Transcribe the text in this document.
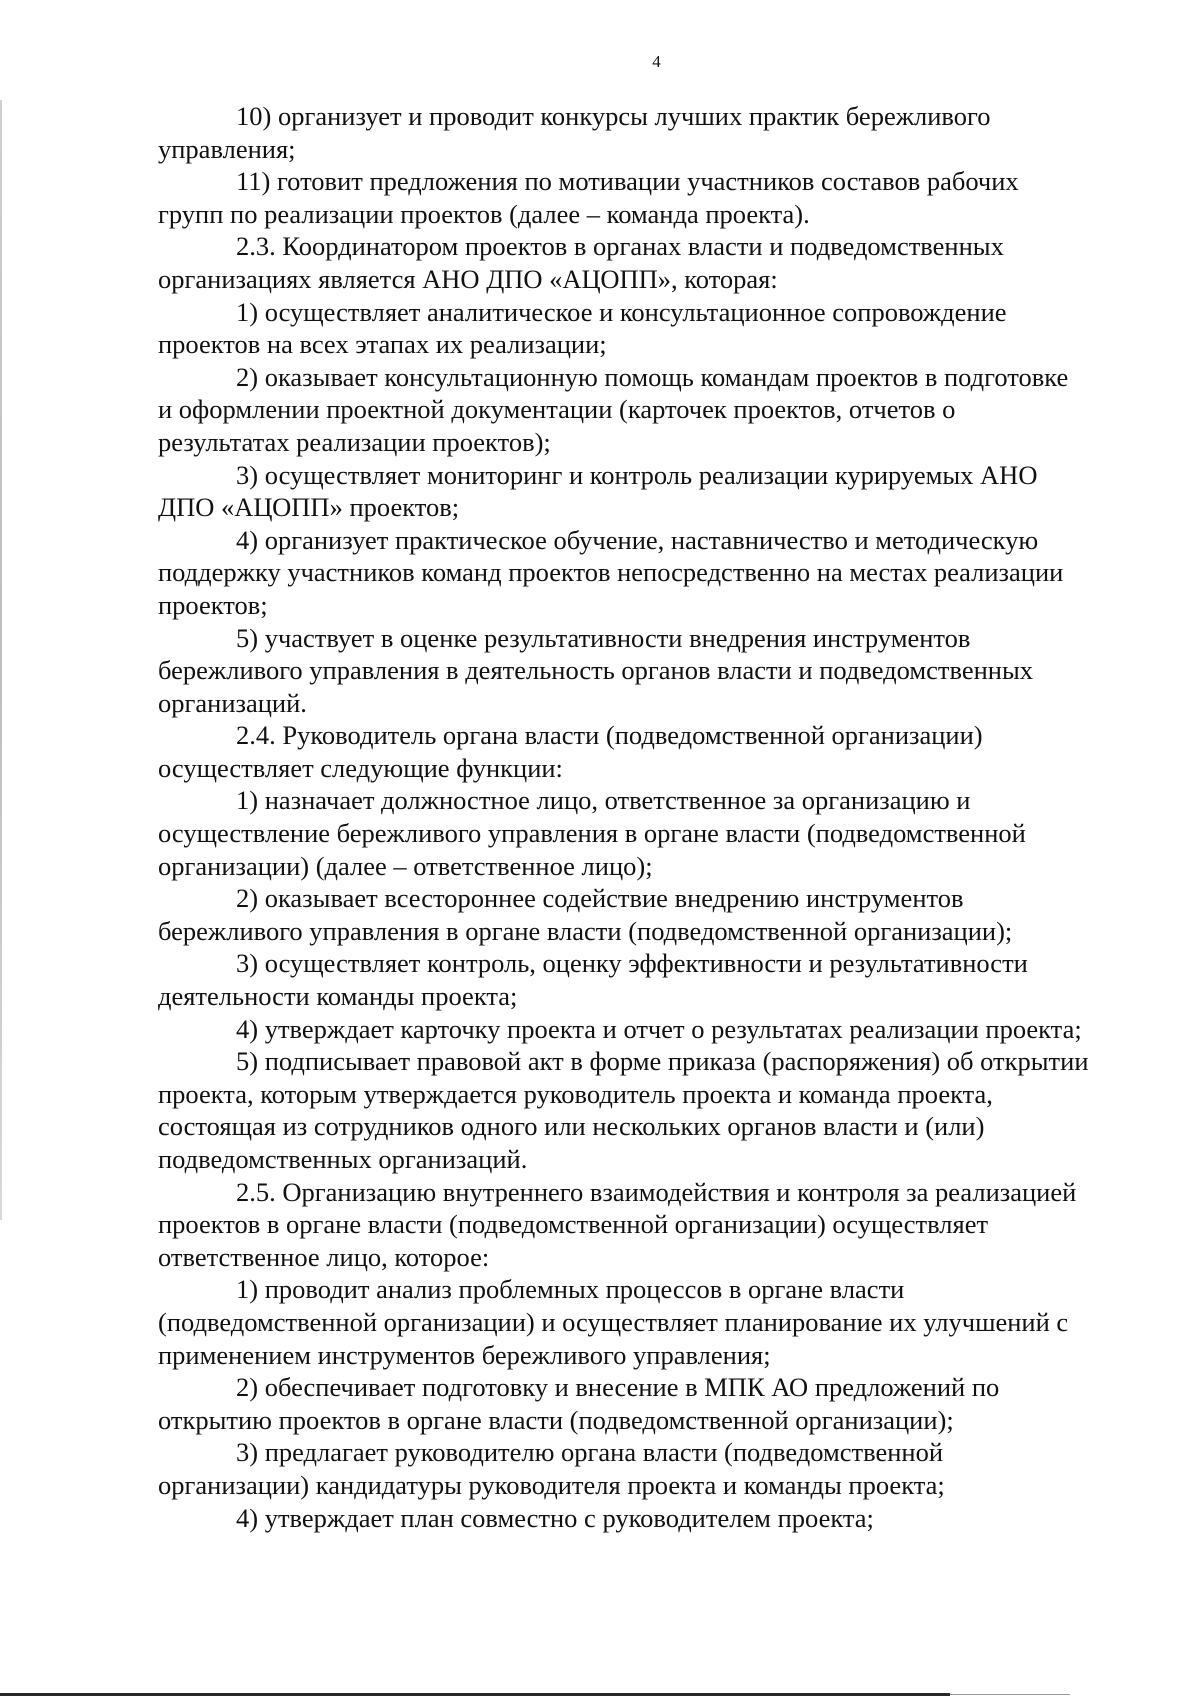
4

10) организует и проводит конкурсы лучших практик бережливого
управления;

11) готовит предложения по мотивации участников составов рабочих
групп по реализации проектов (далее – команда проекта).

2.3. Координатором проектов в органах власти и подведомственных
организациях является АНО ДПО «АЦОПП», которая:

1) осуществляет аналитическое и консультационное сопровождение
проектов на всех этапах их реализации;

2) оказывает консультационную помощь командам проектов в подготовке
и оформлении проектной документации (карточек проектов, отчетов о
результатах реализации проектов);

3) осуществляет мониторинг и контроль реализации курируемых АНО
ДПО «АЦОПП» проектов;

4) организует практическое обучение, наставничество и методическую
поддержку участников команд проектов непосредственно на местах реализации
проектов;

5) участвует в оценке результативности внедрения инструментов
бережливого управления в деятельность органов власти и подведомственных
организаций.

2.4. Руководитель органа власти (подведомственной организации)
осуществляет следующие функции:

1) назначает должностное лицо, ответственное за организацию и
осуществление бережливого управления в органе власти (подведомственной
организации) (далее – ответственное лицо);

2) оказывает всестороннее содействие внедрению инструментов
бережливого управления в органе власти (подведомственной организации);

3) осуществляет контроль, оценку эффективности и результативности
деятельности команды проекта;

4) утверждает карточку проекта и отчет о результатах реализации проекта;

5) подписывает правовой акт в форме приказа (распоряжения) об открытии
проекта, которым утверждается руководитель проекта и команда проекта,
состоящая из сотрудников одного или нескольких органов власти и (или)
подведомственных организаций.

2.5. Организацию внутреннего взаимодействия и контроля за реализацией
проектов в органе власти (подведомственной организации) осуществляет
ответственное лицо, которое:

1) проводит анализ проблемных процессов в органе власти
(подведомственной организации) и осуществляет планирование их улучшений с
применением инструментов бережливого управления;

2) обеспечивает подготовку и внесение в МПК АО предложений по
открытию проектов в органе власти (подведомственной организации);

3) предлагает руководителю органа власти (подведомственной
организации) кандидатуры руководителя проекта и команды проекта;

4) утверждает план совместно с руководителем проекта;
